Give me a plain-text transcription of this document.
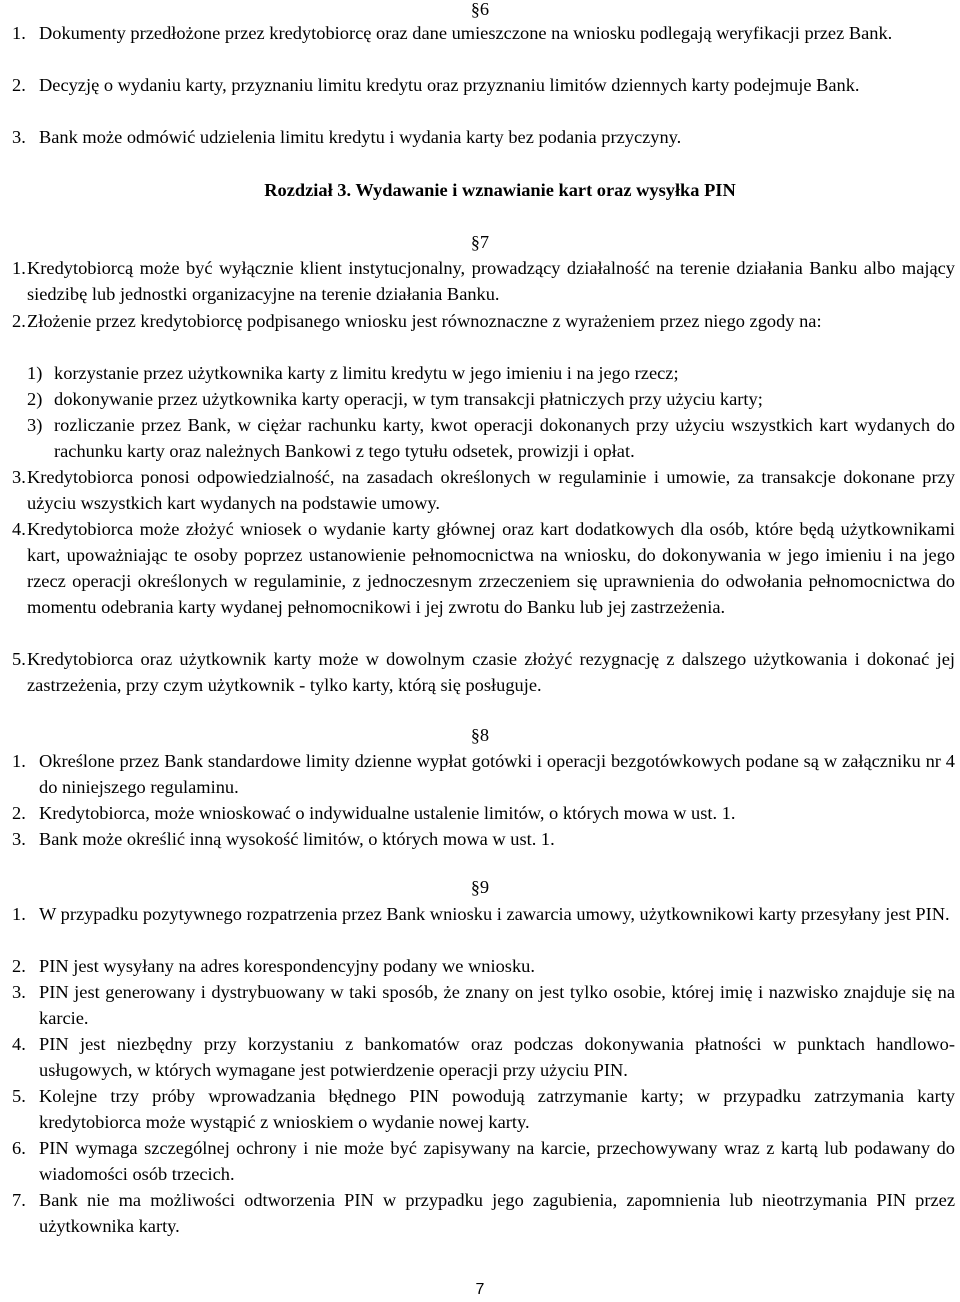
§6
1. Dokumenty przedłożone przez kredytobiorcę oraz dane umieszczone na wniosku podlegają weryfikacji przez Bank.
2. Decyzję o wydaniu karty, przyznaniu limitu kredytu oraz przyznaniu limitów dziennych karty podejmuje Bank.
3. Bank może odmówić udzielenia limitu kredytu i wydania karty bez podania przyczyny.
Rozdział 3. Wydawanie i wznawianie kart oraz wysyłka PIN
§7
1. Kredytobiorcą może być wyłącznie klient instytucjonalny, prowadzący działalność na terenie działania Banku albo mający siedzibę lub jednostki organizacyjne na terenie działania Banku.
2. Złożenie przez kredytobiorcę podpisanego wniosku jest równoznaczne z wyrażeniem przez niego zgody na:
1) korzystanie przez użytkownika karty z limitu kredytu w jego imieniu i na jego rzecz;
2) dokonywanie przez użytkownika karty operacji, w tym transakcji płatniczych przy użyciu karty;
3) rozliczanie przez Bank, w ciężar rachunku karty, kwot operacji dokonanych przy użyciu wszystkich kart wydanych do rachunku karty oraz należnych Bankowi z tego tytułu odsetek, prowizji i opłat.
3. Kredytobiorca ponosi odpowiedzialność, na zasadach określonych w regulaminie i umowie, za transakcje dokonane przy użyciu wszystkich kart wydanych na podstawie umowy.
4. Kredytobiorca może złożyć wniosek o wydanie karty głównej oraz kart dodatkowych dla osób, które będą użytkownikami kart, upoważniając te osoby poprzez ustanowienie pełnomocnictwa na wniosku, do dokonywania w jego imieniu i na jego rzecz operacji określonych w regulaminie, z jednoczesnym zrzeczeniem się uprawnienia do odwołania pełnomocnictwa do momentu odebrania karty wydanej pełnomocnikowi i jej zwrotu do Banku lub jej zastrzeżenia.
5. Kredytobiorca oraz użytkownik karty może w dowolnym czasie złożyć rezygnację z dalszego użytkowania i dokonać jej zastrzeżenia, przy czym użytkownik - tylko karty, którą się posługuje.
§8
1. Określone przez Bank standardowe limity dzienne wypłat gotówki i operacji bezgotówkowych podane są w załączniku nr 4 do niniejszego regulaminu.
2. Kredytobiorca, może wnioskować o indywidualne ustalenie limitów, o których mowa w ust. 1.
3. Bank może określić inną wysokość limitów, o których mowa w ust. 1.
§9
1. W przypadku pozytywnego rozpatrzenia przez Bank wniosku i zawarcia umowy, użytkownikowi karty przesyłany jest PIN.
2. PIN jest wysyłany na adres korespondencyjny podany we wniosku.
3. PIN jest generowany i dystrybuowany w taki sposób, że znany on jest tylko osobie, której imię i nazwisko znajduje się na karcie.
4. PIN jest niezbędny przy korzystaniu z bankomatów oraz podczas dokonywania płatności w punktach handlowo-usługowych, w których wymagane jest potwierdzenie operacji przy użyciu PIN.
5. Kolejne trzy próby wprowadzania błędnego PIN powodują zatrzymanie karty; w przypadku zatrzymania karty kredytobiorca może wystąpić z wnioskiem o wydanie nowej karty.
6. PIN wymaga szczególnej ochrony i nie może być zapisywany na karcie, przechowywany wraz z kartą lub podawany do wiadomości osób trzecich.
7. Bank nie ma możliwości odtworzenia PIN w przypadku jego zagubienia, zapomnienia lub nieotrzymania PIN przez użytkownika karty.
7
